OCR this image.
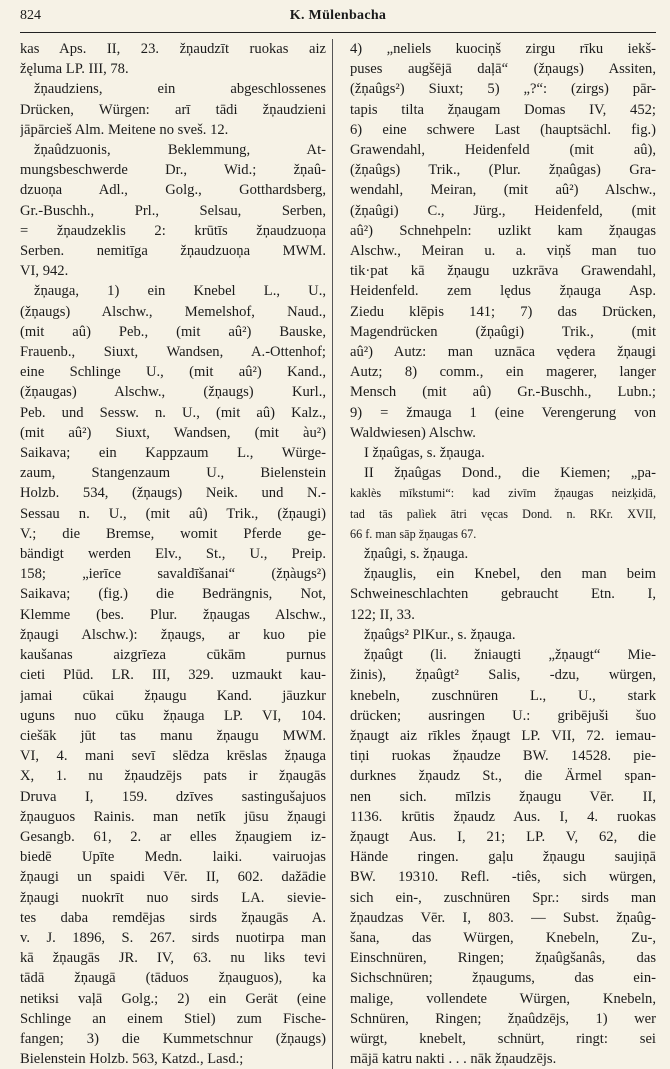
824	K. Mülenbacha
kas Aps. II, 23. žņaudzīt ruokas aiz
žęluma LP. III, 78.
žņaudziens, ein abgeschlossenes
Drücken, Würgen: arī tādi žņaudzieni
jāpārcieš Alm. Meitene no sveš. 12.
žņaûdzuonis, Beklemmung, At-
mungsbeschwerde Dr., Wid.; žņaû-
dzuoņa Adl., Golg., Gotthardsberg,
Gr.-Buschh., Prl., Selsau, Serben,
= žņaudzeklis 2: krūtīs žņaudzuoņa
Serben. nemitīga žņaudzuoņa MWM.
VI, 942.
žņauga, 1) ein Knebel L., U.,
(žņaugs) Alschw., Memelshof, Naud.,
(mit aû) Peb., (mit aû²) Bauske,
Frauenb., Siuxt, Wandsen, A.-Ottenhof;
eine Schlinge U., (mit aû²) Kand.,
(žņaugas) Alschw., (žņaugs) Kurl.,
Peb. und Sessw. n. U., (mit aû) Kalz.,
(mit aû²) Siuxt, Wandsen, (mit àu²)
Saikava; ein Kappzaum L., Würge-
zaum, Stangenzaum U., Bielenstein
Holzb. 534, (žņaugs) Neik. und N.-
Sessau n. U., (mit aû) Trik., (žņaugi)
V.; die Bremse, womit Pferde ge-
bändigt werden Elv., St., U., Preip.
158; „ierīce savaldīšanai“ (žņàugs²)
Saikava; (fig.) die Bedrängnis, Not,
Klemme (bes. Plur. žņaugas Alschw.,
žņaugi Alschw.): žņaugs, ar kuo pie
kaušanas aizgrīeza cūkām purnus
cieti Plūd. LR. III, 329. uzmaukt kau-
jamai cūkai žņaugu Kand. jāuzkur
uguns nuo cūku žņauga LP. VI, 104.
ciešāk jūt tas manu žņaugu MWM.
VI, 4. mani sevī slēdza krēslas žņauga
X, 1. nu žņaudzējs pats ir žņaugās
Druva I, 159. dzīves sastingušajuos
žņauguos Rainis. man netīk jūsu žņaugi
Gesangb. 61, 2. ar elles žņaugiem iz-
biedē Upīte Medn. laiki. vairuojas
žņaugi un spaidi Vēr. II, 602. dažādie
žņaugi nuokrīt nuo sirds LA. sievie-
tes daba remdējas sirds žņaugās A.
v. J. 1896, S. 267. sirds nuotirpa man
kā žņaugās JR. IV, 63. nu liks tevi
tādā žņaugā (tāduos žņauguos), ka
netiksi vaļā Golg.; 2) ein Gerät (eine
Schlinge an einem Stiel) zum Fische-
fangen; 3) die Kummetschnur (žņaugs)
Bielenstein Holzb. 563, Katzd., Lasd.;
4) „neliels kuociņš zirgu rīku iekš-
puses augšējā daļā“ (žņaugs) Assiten,
(žņaûgs²) Siuxt; 5) „?“: (zirgs) pār-
tapis tilta žņaugam Domas IV, 452;
6) eine schwere Last (hauptsächl. fig.)
Grawendahl, Heidenfeld (mit aû),
(žņaûgs) Trik., (Plur. žņaûgas) Gra-
wendahl, Meiran, (mit aû²) Alschw.,
(žņaûgi) C., Jürg., Heidenfeld, (mit
aû²) Schnehpeln: uzlikt kam žņaugas
Alschw., Meiran u. a. viņš man tuo
tik·pat kā žņaugu uzkrāva Grawendahl,
Heidenfeld. zem lędus žņauga Asp.
Ziedu klēpis 141; 7) das Drücken,
Magendrücken (žņaûgi) Trik., (mit
aû²) Autz: man uznāca vędera žņaugi
Autz; 8) comm., ein magerer, langer
Mensch (mit aû) Gr.-Buschh., Lubn.;
9) = žmauga 1 (eine Verengerung von
Waldwiesen) Alschw.
I žņaûgas, s. žņauga.
II žņaûgas Dond., die Kiemen; „pa-
kaklès mīkstumi“: kad zivīm žņaugas neizķidā,
tad tās palìek ātri vęcas Dond. n. RKr. XVII,
66 f. man sāp žņaugas 67.
žņaûgi, s. žņauga.
žņauglis, ein Knebel, den man beim
Schweineschlachten gebraucht Etn. I,
122; II, 33.
žņaûgs² PlKur., s. žņauga.
žņaûgt (li. žniaugti „žņaugt“ Mie-
žinis), žņaûgt² Salis, -dzu, würgen,
knebeln, zuschnüren L., U., stark
drücken; ausringen U.: gribējuši šuo
žņaugt aiz rīkles žņaugt LP. VII, 72. iemau-
tiņi ruokas žņaudze BW. 14528. pie-
durknes žņaudz St., die Ärmel span-
nen sich. mīlzis žņaugu Vēr. II,
1136. krūtis žņaudz Aus. I, 4. ruokas
žņaugt Aus. I, 21; LP. V, 62, die
Hände ringen. gaļu žņaugu saujiņā
BW. 19310. Refl. -tiês, sich würgen,
sich ein-, zuschnüren Spr.: sirds man
žņaudzas Vēr. I, 803. — Subst. žņaûg-
šana, das Würgen, Knebeln, Zu-,
Einschnüren, Ringen; žņaûgšanâs, das
Sichschnüren; žņaugums, das ein-
malige, vollendete Würgen, Knebeln,
Schnüren, Ringen; žņaûdzējs, 1) wer
würgt, knebelt, schnürt, ringt: sei
mājā katru nakti . . . nāk žņaudzējs.
